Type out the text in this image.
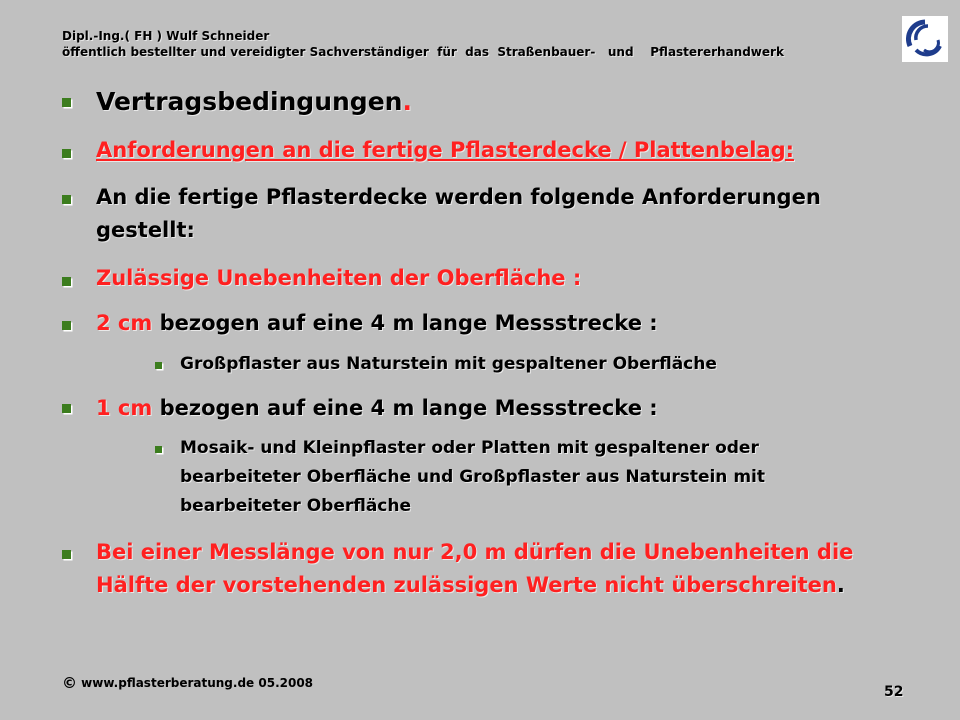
Dipl.-Ing.( FH ) Wulf Schneider
öffentlich bestellter und vereidigter Sachverständiger  für  das  Straßenbauer-   und    Pflastererhandwerk
Vertragsbedingungen.
Anforderungen an die fertige Pflasterdecke / Plattenbelag:
An die fertige Pflasterdecke werden folgende Anforderungen
gestellt:
Zulässige Unebenheiten der Oberfläche :
2 cm bezogen auf eine 4 m lange Messstrecke :
Großpflaster aus Naturstein mit gespaltener Oberfläche
1 cm bezogen auf eine 4 m lange Messstrecke :
Mosaik- und Kleinpflaster oder Platten mit gespaltener oder
bearbeiteter Oberfläche und Großpflaster aus Naturstein mit
bearbeiteter Oberfläche
Bei einer Messlänge von nur 2,0 m dürfen die Unebenheiten die
Hälfte der vorstehenden zulässigen Werte nicht überschreiten.
© www.pflasterberatung.de 05.2008
52
